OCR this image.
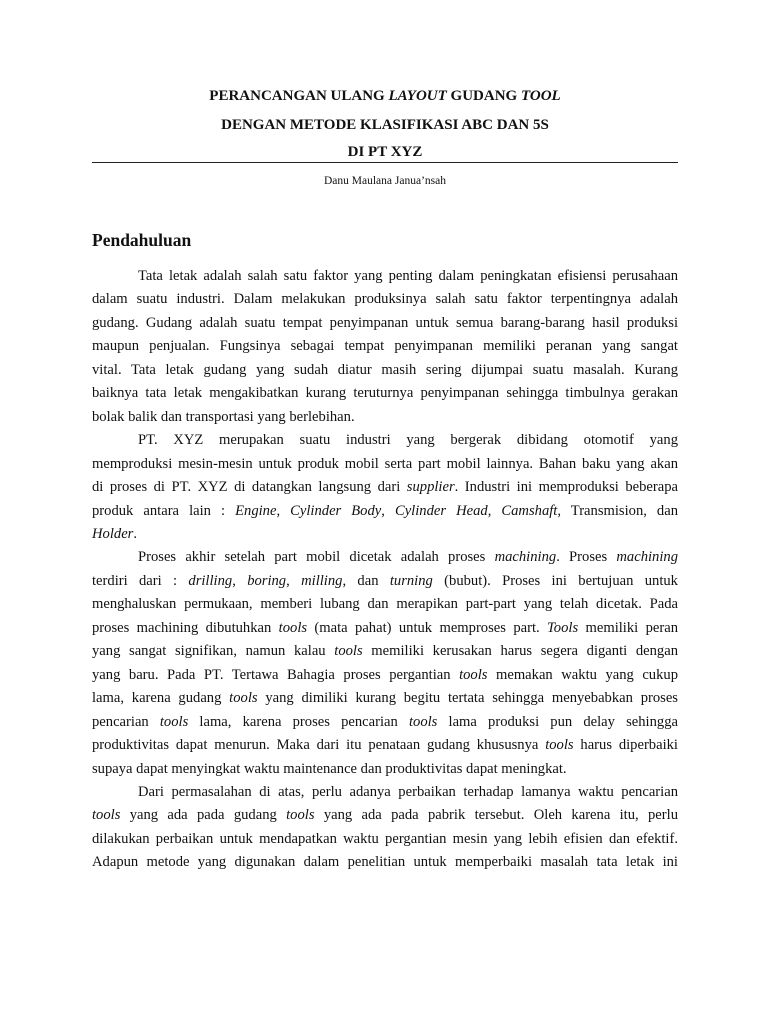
PERANCANGAN ULANG LAYOUT GUDANG TOOL
DENGAN METODE KLASIFIKASI ABC DAN 5S
DI PT XYZ
Danu Maulana Januа’nsah
Pendahuluan
Tata letak adalah salah satu faktor yang penting dalam peningkatan efisiensi perusahaan
dalam suatu industri. Dalam melakukan produksinya salah satu faktor terpentingnya adalah
gudang. Gudang adalah suatu tempat penyimpanan untuk semua barang-barang hasil produksi
maupun penjualan. Fungsinya sebagai tempat penyimpanan memiliki peranan yang sangat
vital. Tata letak gudang yang sudah diatur masih sering dijumpai suatu masalah. Kurang
baiknya tata letak mengakibatkan kurang teruturnya penyimpanan sehingga timbulnya gerakan
bolak balik dan transportasi yang berlebihan.
PT. XYZ merupakan suatu industri yang bergerak dibidang otomotif yang
memproduksi mesin-mesin untuk produk mobil serta part mobil lainnya. Bahan baku yang akan
di proses di PT. XYZ di datangkan langsung dari supplier. Industri ini memproduksi beberapa
produk antara lain : Engine, Cylinder Body, Cylinder Head, Camshaft, Transmision, dan
Holder.
Proses akhir setelah part mobil dicetak adalah proses machining. Proses machining
terdiri dari : drilling, boring, milling, dan turning (bubut). Proses ini bertujuan untuk
menghaluskan permukaan, memberi lubang dan merapikan part-part yang telah dicetak. Pada
proses machining dibutuhkan tools (mata pahat) untuk memproses part. Tools memiliki peran
yang sangat signifikan, namun kalau tools memiliki kerusakan harus segera diganti dengan
yang baru. Pada PT. Tertawa Bahagia proses pergantian tools memakan waktu yang cukup
lama, karena gudang tools yang dimiliki kurang begitu tertata sehingga menyebabkan proses
pencarian tools lama, karena proses pencarian tools lama produksi pun delay sehingga
produktivitas dapat menurun. Maka dari itu penataan gudang khususnya tools harus diperbaiki
supaya dapat menyingkat waktu maintenance dan produktivitas dapat meningkat.
Dari permasalahan di atas, perlu adanya perbaikan terhadap lamanya waktu pencarian
tools yang ada pada gudang tools yang ada pada pabrik tersebut. Oleh karena itu, perlu
dilakukan perbaikan untuk mendapatkan waktu pergantian mesin yang lebih efisien dan efektif.
Adapun metode yang digunakan dalam penelitian untuk memperbaiki masalah tata letak ini
